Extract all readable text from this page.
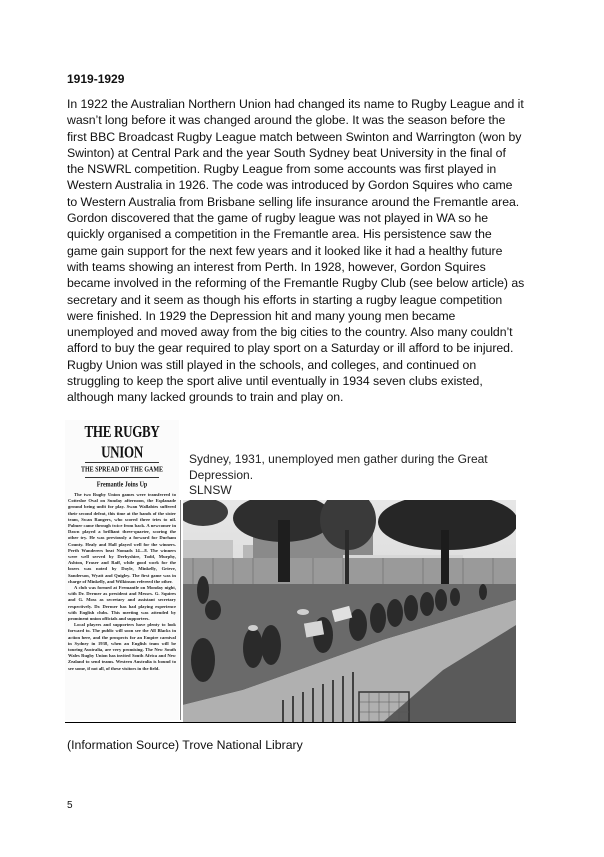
1919-1929
In 1922 the Australian Northern Union had changed its name to Rugby League and it
wasn’t long before it was changed around the globe. It was the season before the
first BBC Broadcast Rugby League match between Swinton and Warrington (won by
Swinton) at Central Park and the year South Sydney beat University in the final of
the NSWRL competition. Rugby League from some accounts was first played in
Western Australia in 1926. The code was introduced by Gordon Squires who came
to Western Australia from Brisbane selling life insurance around the Fremantle area.
Gordon discovered that the game of rugby league was not played in WA so he
quickly organised a competition in the Fremantle area. His persistence saw the
game gain support for the next few years and it looked like it had a healthy future
with teams showing an interest from Perth. In 1928, however, Gordon Squires
became involved in the reforming of the Fremantle Rugby Club (see below article) as
secretary and it seem as though his efforts in starting a rugby league competition
were finished. In 1929 the Depression hit and many young men became
unemployed and moved away from the big cities to the country. Also many couldn’t
afford to buy the gear required to play sport on a Saturday or ill afford to be injured.
Rugby Union was still played in the schools, and colleges, and continued on
struggling to keep the sport alive until eventually in 1934 seven clubs existed,
although many lacked grounds to train and play on.
THE RUGBY UNION
THE SPREAD OF THE GAME
Fremantle Joins Up

The two Rugby Union games were transferred to Cottesloe Oval on Sunday afternoon, the Esplanade ground being unfit for play. Swan Wallabies suffered their second defeat, this time at the hands of the sister team, Swan Rangers, who scored three tries to nil. Palmer came through twice from back. A newcomer in Dawn played a brilliant three-quarter, scoring the other try. He was previously a forward for Durham County. Healy and Hall played well for the winners. Perth Wanderers beat Nomads 14—8. The winners were well served by Derbyshire, Todd, Murphy, Ashton, Fraser and Raff, while good work for the losers was noted by Doyle, Minkelly, Grieve, Sanderson, Wyatt and Quigley. The first game was in charge of Minkelly, and Wilkinson refereed the other.

A club was formed at Fremantle on Monday night, with Dr. Dermer as president and Messrs. G. Squires and G. Moss as secretary and assistant secretary respectively. Dr. Dermer has had playing experience with English clubs. This meeting was attended by prominent union officials and supporters.

Local players and supporters have plenty to look forward to. The public will soon see the All Blacks in action here, and the prospects for an Empire carnival in Sydney in 1938, when an English team will be touring Australia, are very promising. The New South Wales Rugby Union has invited South Africa and New Zealand to send teams. Western Australia is bound to see some, if not all, of these visitors in the field.

Sydney, 1931, unemployed men gather during the Great
Depression.
SLNSW
(Information Source) Trove National Library
5
